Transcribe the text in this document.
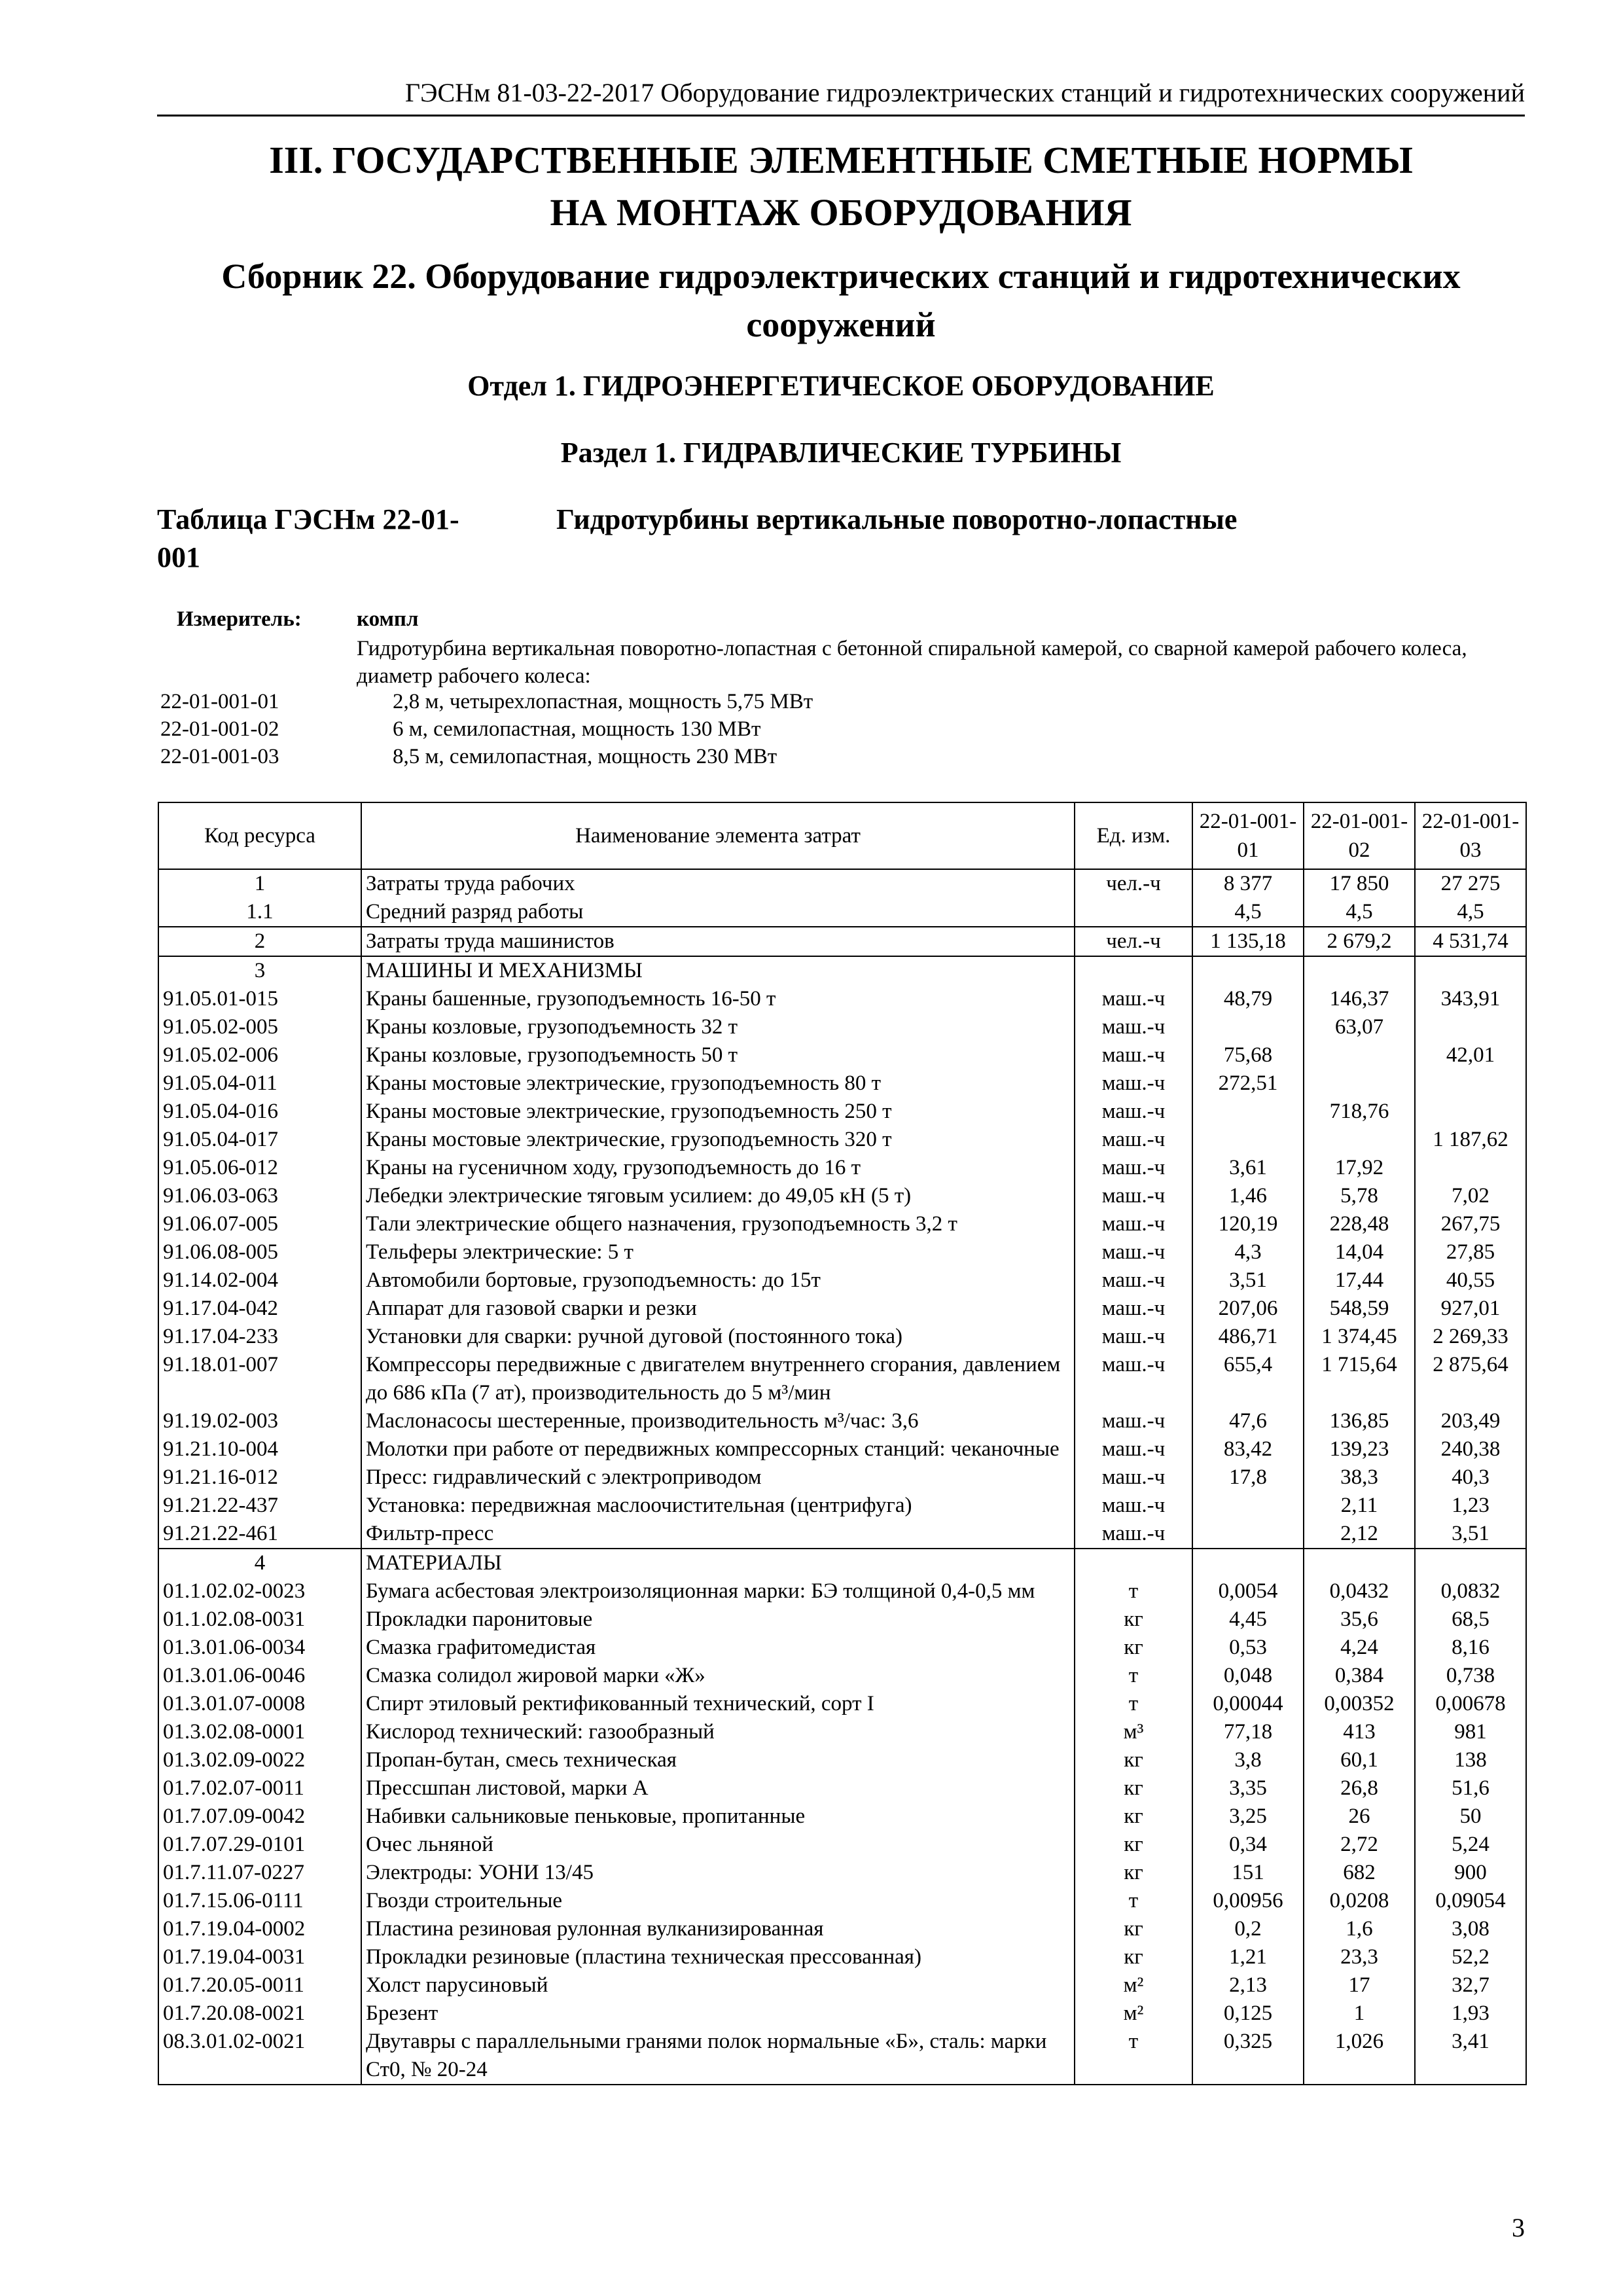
ГЭСНм 81-03-22-2017 Оборудование гидроэлектрических станций и гидротехнических сооружений
III. ГОСУДАРСТВЕННЫЕ ЭЛЕМЕНТНЫЕ СМЕТНЫЕ НОРМЫ
НА МОНТАЖ ОБОРУДОВАНИЯ
Сборник 22. Оборудование гидроэлектрических станций и гидротехнических
сооружений
Отдел 1. ГИДРОЭНЕРГЕТИЧЕСКОЕ ОБОРУДОВАНИЕ
Раздел 1. ГИДРАВЛИЧЕСКИЕ ТУРБИНЫ
Таблица ГЭСНм 22-01-
001
Гидротурбины вертикальные поворотно-лопастные
Измеритель:	компл
Гидротурбина вертикальная поворотно-лопастная с бетонной спиральной камерой, со сварной камерой рабочего колеса, диаметр рабочего колеса:
22-01-001-01	2,8 м, четырехлопастная, мощность 5,75 МВт
22-01-001-02	6 м, семилопастная, мощность 130 МВт
22-01-001-03	8,5 м, семилопастная, мощность 230 МВт
Код ресурса	Наименование элемента затрат	Ед. изм.	22-01-001-01	22-01-001-02	22-01-001-03
1	Затраты труда рабочих	чел.-ч	8 377	17 850	27 275
1.1	Средний разряд работы		4,5	4,5	4,5
2	Затраты труда машинистов	чел.-ч	1 135,18	2 679,2	4 531,74
3	МАШИНЫ И МЕХАНИЗМЫ				
91.05.01-015	Краны башенные, грузоподъемность 16-50 т	маш.-ч	48,79	146,37	343,91
91.05.02-005	Краны козловые, грузоподъемность 32 т	маш.-ч		63,07	
91.05.02-006	Краны козловые, грузоподъемность 50 т	маш.-ч	75,68		42,01
91.05.04-011	Краны мостовые электрические, грузоподъемность 80 т	маш.-ч	272,51		
91.05.04-016	Краны мостовые электрические, грузоподъемность 250 т	маш.-ч		718,76	
91.05.04-017	Краны мостовые электрические, грузоподъемность 320 т	маш.-ч			1 187,62
91.05.06-012	Краны на гусеничном ходу, грузоподъемность до 16 т	маш.-ч	3,61	17,92	
91.06.03-063	Лебедки электрические тяговым усилием: до 49,05 кН (5 т)	маш.-ч	1,46	5,78	7,02
91.06.07-005	Тали электрические общего назначения, грузоподъемность 3,2 т	маш.-ч	120,19	228,48	267,75
91.06.08-005	Тельферы электрические: 5 т	маш.-ч	4,3	14,04	27,85
91.14.02-004	Автомобили бортовые, грузоподъемность: до 15т	маш.-ч	3,51	17,44	40,55
91.17.04-042	Аппарат для газовой сварки и резки	маш.-ч	207,06	548,59	927,01
91.17.04-233	Установки для сварки: ручной дуговой (постоянного тока)	маш.-ч	486,71	1 374,45	2 269,33
91.18.01-007	Компрессоры передвижные с двигателем внутреннего сгорания, давлением до 686 кПа (7 ат), производительность до 5 м³/мин	маш.-ч	655,4	1 715,64	2 875,64
91.19.02-003	Маслонасосы шестеренные, производительность м³/час: 3,6	маш.-ч	47,6	136,85	203,49
91.21.10-004	Молотки при работе от передвижных компрессорных станций: чеканочные	маш.-ч	83,42	139,23	240,38
91.21.16-012	Пресс: гидравлический с электроприводом	маш.-ч	17,8	38,3	40,3
91.21.22-437	Установка: передвижная маслоочистительная (центрифуга)	маш.-ч		2,11	1,23
91.21.22-461	Фильтр-пресс	маш.-ч		2,12	3,51
4	МАТЕРИАЛЫ				
01.1.02.02-0023	Бумага асбестовая электроизоляционная марки: БЭ толщиной 0,4-0,5 мм	т	0,0054	0,0432	0,0832
01.1.02.08-0031	Прокладки паронитовые	кг	4,45	35,6	68,5
01.3.01.06-0034	Смазка графитомедистая	кг	0,53	4,24	8,16
01.3.01.06-0046	Смазка солидол жировой марки «Ж»	т	0,048	0,384	0,738
01.3.01.07-0008	Спирт этиловый ректификованный технический, сорт I	т	0,00044	0,00352	0,00678
01.3.02.08-0001	Кислород технический: газообразный	м³	77,18	413	981
01.3.02.09-0022	Пропан-бутан, смесь техническая	кг	3,8	60,1	138
01.7.02.07-0011	Прессшпан листовой, марки А	кг	3,35	26,8	51,6
01.7.07.09-0042	Набивки сальниковые пеньковые, пропитанные	кг	3,25	26	50
01.7.07.29-0101	Очес льняной	кг	0,34	2,72	5,24
01.7.11.07-0227	Электроды: УОНИ 13/45	кг	151	682	900
01.7.15.06-0111	Гвозди строительные	т	0,00956	0,0208	0,09054
01.7.19.04-0002	Пластина резиновая рулонная вулканизированная	кг	0,2	1,6	3,08
01.7.19.04-0031	Прокладки резиновые (пластина техническая прессованная)	кг	1,21	23,3	52,2
01.7.20.05-0011	Холст парусиновый	м²	2,13	17	32,7
01.7.20.08-0021	Брезент	м²	0,125	1	1,93
08.3.01.02-0021	Двутавры с параллельными гранями полок нормальные «Б», сталь: марки Ст0, № 20-24	т	0,325	1,026	3,41
3
